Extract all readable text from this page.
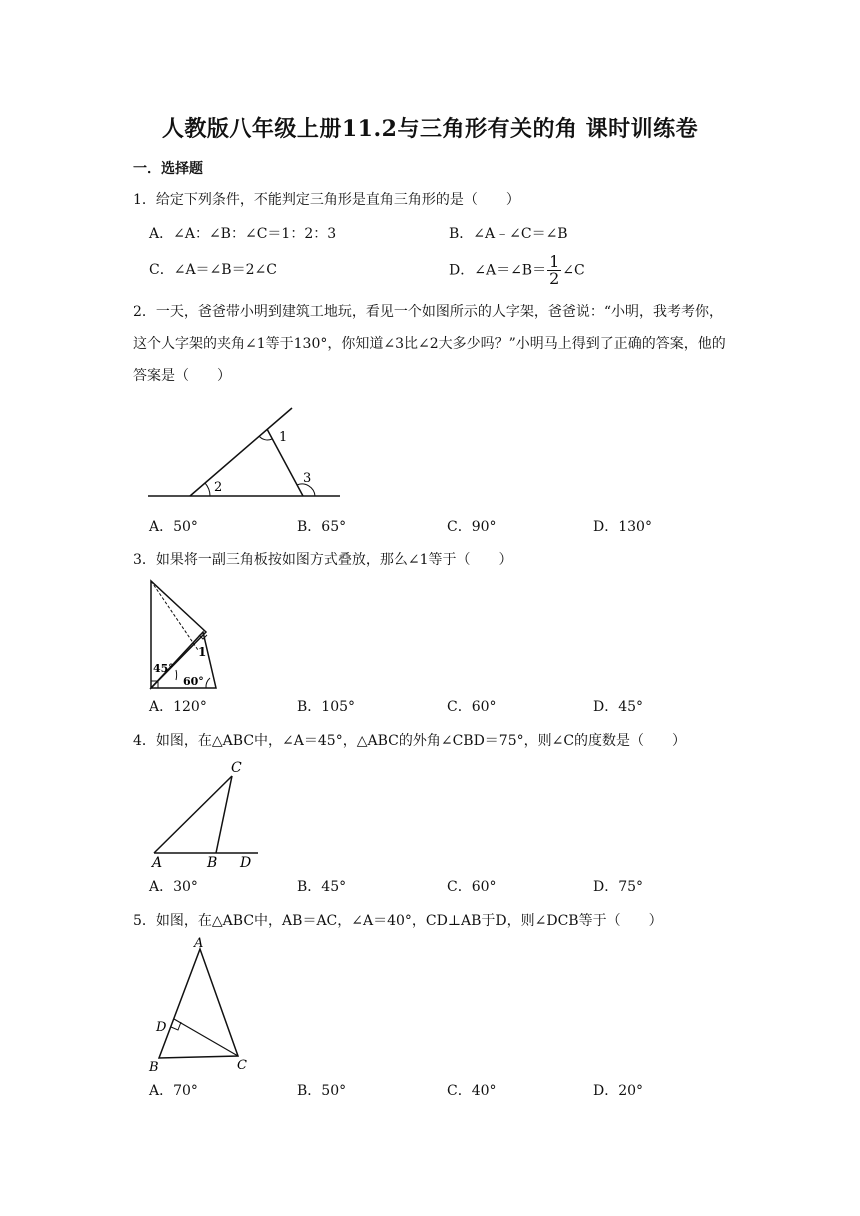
人教版八年级上册11.2与三角形有关的角 课时训练卷
一．选择题
1．给定下列条件，不能判定三角形是直角三角形的是（　　）
A．∠A：∠B：∠C＝1：2：3	B．∠A﹣∠C＝∠B
C．∠A＝∠B＝2∠C	D．∠A＝∠B＝ $\frac{1}{2}$ ∠C
2．一天，爸爸带小明到建筑工地玩，看见一个如图所示的人字架，爸爸说：“小明，我考考你，这个人字架的夹角∠1等于130°，你知道∠3比∠2大多少吗？”小明马上得到了正确的答案，他的答案是（　　）
1
2
3
A．50°	B．65°	C．90°	D．130°
3．如果将一副三角板按如图方式叠放，那么∠1等于（　　）
45°
60°
1
A．120°	B．105°	C．60°	D．45°
4．如图，在△ABC中，∠A＝45°，△ABC的外角∠CBD＝75°，则∠C的度数是（　　）
C
A	B D
A．30°	B．45°	C．60°	D．75°
5．如图，在△ABC中，AB＝AC，∠A＝40°，CD⊥AB于D，则∠DCB等于（　　）
A
D
B	C
A．70°	B．50°	C．40°	D．20°
